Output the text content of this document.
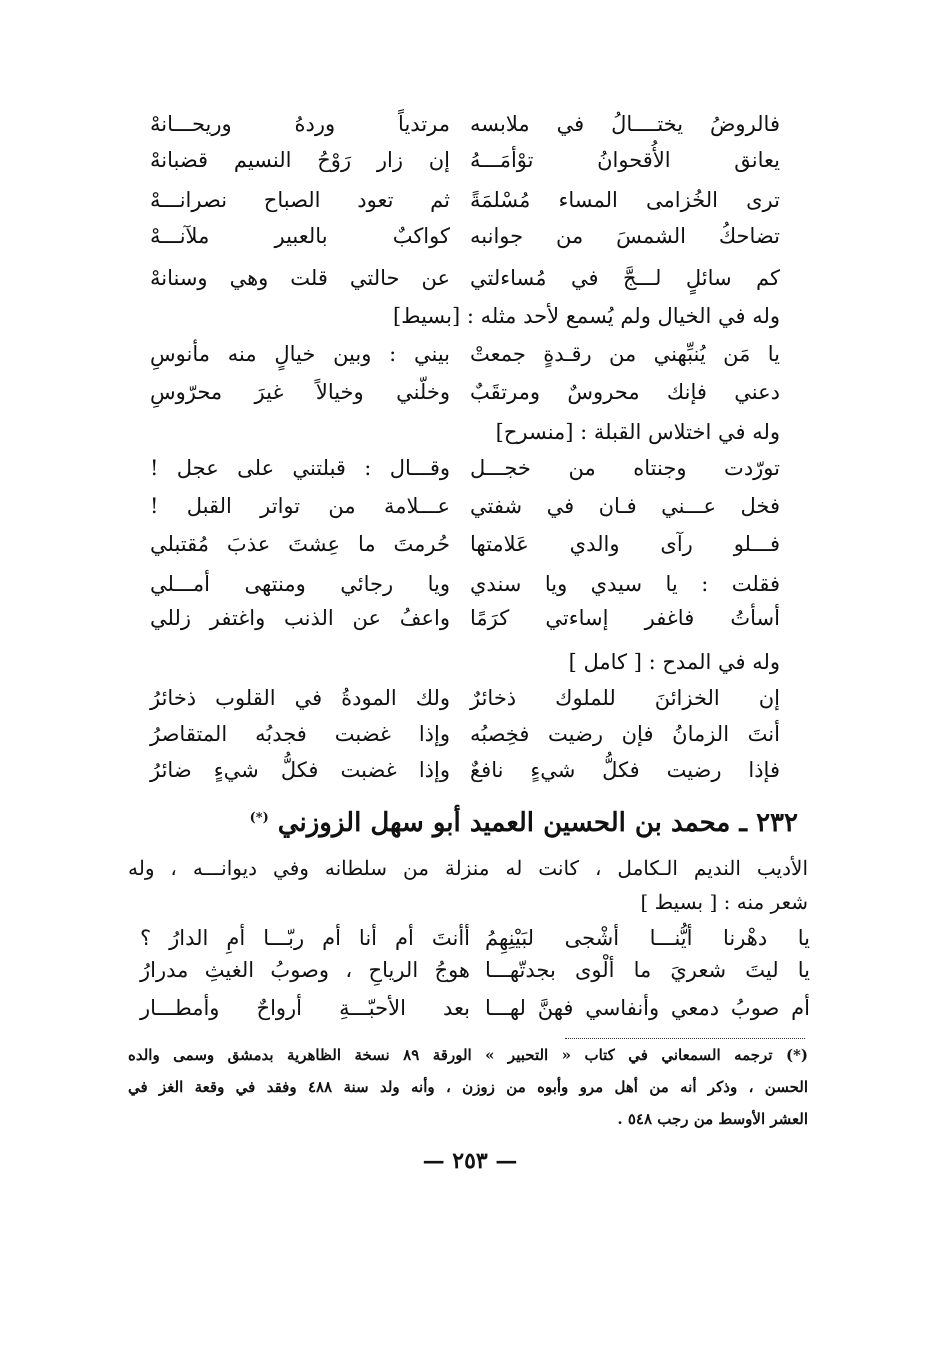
فالروضُ يختــــالُ في ملابسه
مرتدياً وردهُ وريحـــانهْ
يعانق الأُقحوانُ توْأمَـــهُ
إن زار رَوْحُ النسيم قضبانهْ
ترى الخُزامى المساء مُسْلمَةً
ثم تعود الصباح نصرانـــهْ
تضاحكُ الشمسَ من جوانبه
كواكبٌ بالعبير ملآنـــهْ
كم سائلٍ لـــجَّ في مُساءلتي
عن حالتي قلت وهي وسنانهْ
وله في الخيال ولم يُسمع لأحد مثله : [بسيط]
يا مَن يُنبِّهني من رقـدةٍ جمعتْ
بيني : وبين خيالٍ منه مأنوسِ
دعني فإنك محروسٌ ومرتقَبٌ
وخلّني وخيالاً غيرَ محرّوسِ
وله في اختلاس القبلة : [منسرح]
تورّدت وجنتاه من خجـــل
وقـــال : قبلتني على عجل !
فخل عـــني فـان في شفتي
عـــلامة من تواتر القبل !
فـــلو رآى والدي عَلامتها
حُرمتَ ما عِشتَ عذبَ مُقتبلي
فقلت : يا سيدي ويا سندي
ويا رجائي ومنتهى أمـــلي
أسأتُ فاغفر إساءتي كرَمًا
واعفُ عن الذنب واغتفر زللي
وله في المدح : [ كامل ]
إن الخزائنَ للملوك ذخائرٌ
ولك المودةُ في القلوب ذخائرُ
أنتَ الزمانُ فإن رضيت فخِصبُه
وإذا غضبت فجدبُه المتقاصرُ
فإذا رضيت فكلُّ شيءٍ نافعٌ
وإذا غضبت فكلُّ شيءٍ ضائرُ
٢٣٢ ـ محمد بن الحسين العميد أبو سهل الزوزني (*)
الأديب النديم الـكامل ، كانت له منزلة من سلطانه وفي ديوانـــه ، وله
شعر منه : [ بسيط ]
يا دهْرنا أيُّنـــا أشْجى لبَيْنِهِمُ
أأنتَ أم أنا أم ربّـــا أمِ الدارُ ؟
يا ليتَ شعريَ ما ألْوى بجدتّهـــا
هوجُ الرياحِ ، وصوبُ الغيثِ مدرارُ
أم صوبُ دمعي وأنفاسي فهنَّ لهـــا
بعد الأحبّـــةِ أرواحٌ وأمطـــار
(*) ترجمه السمعاني في كتاب « التحبير » الورقة ٨٩ نسخة الظاهرية بدمشق وسمى والده
الحسن ، وذكر أنه من أهل مرو وأبوه من زوزن ، وأنه ولد سنة ٤٨٨ وفقد في وقعة الغز في
العشر الأوسط من رجب ٥٤٨ .
— ٢٥٣ —
